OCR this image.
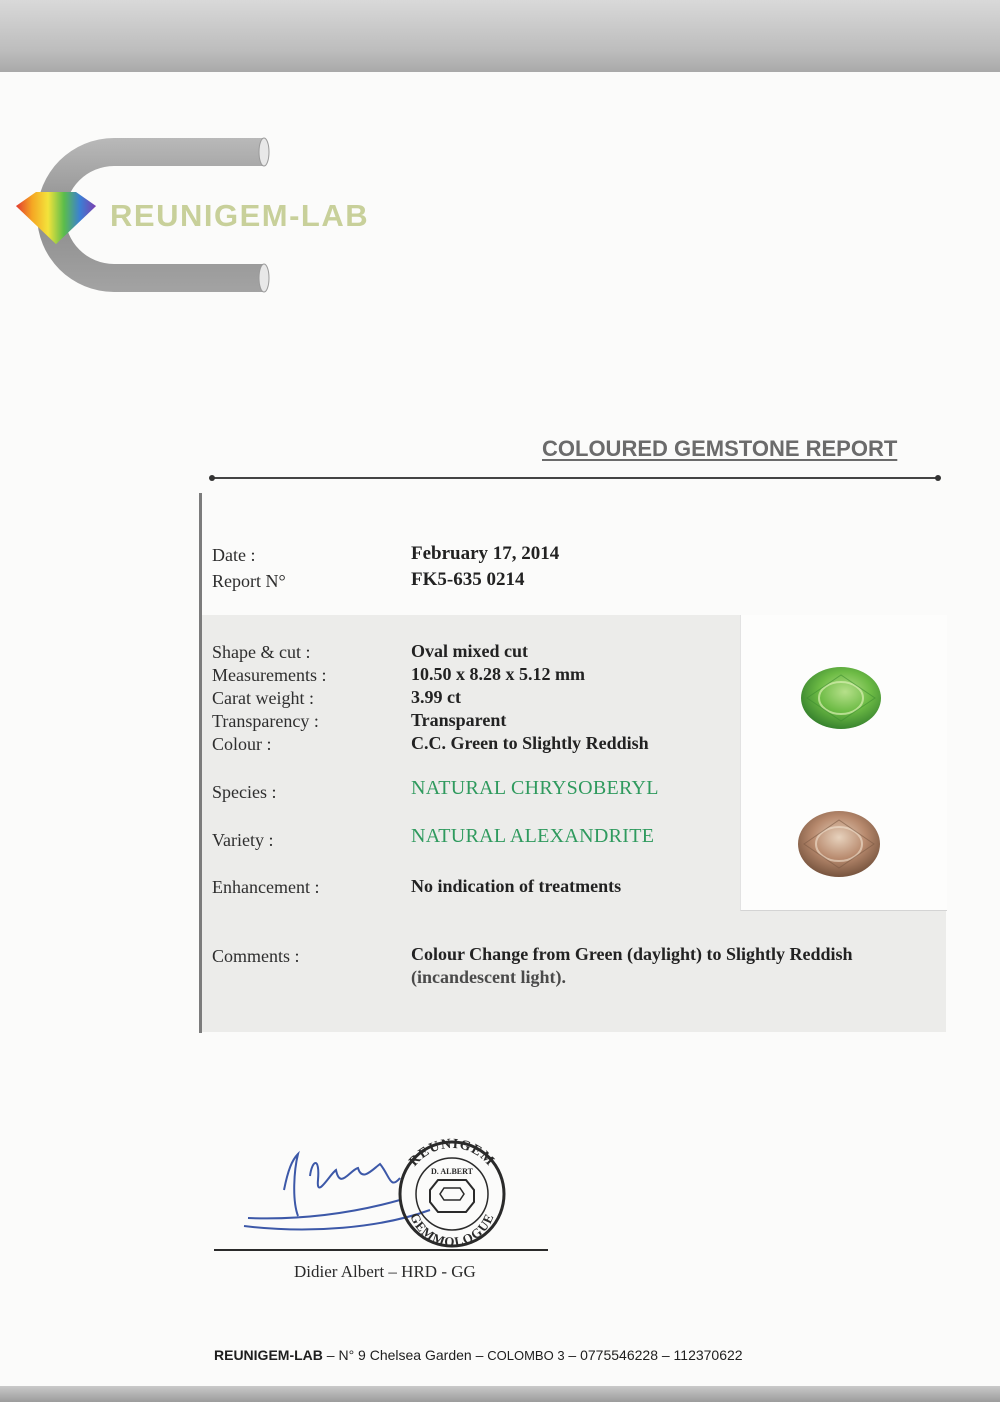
REUNIGEM-LAB
COLOURED GEMSTONE REPORT
Date :	February 17, 2014
Report N°	FK5-635 0214
Shape & cut :	Oval mixed cut
Measurements :	10.50 x 8.28 x 5.12 mm
Carat weight :	3.99 ct
Transparency :	Transparent
Colour :	C.C. Green to Slightly Reddish
Species :	NATURAL CHRYSOBERYL
Variety :	NATURAL ALEXANDRITE
Enhancement :	No indication of treatments
Comments :	Colour Change from Green (daylight) to Slightly Reddish
(incandescent light).
REUNIGEM
GEMMOLOGUE
D. ALBERT
Didier Albert – HRD - GG
REUNIGEM-LAB – N° 9 Chelsea Garden – COLOMBO 3 – 0775546228 – 112370622
